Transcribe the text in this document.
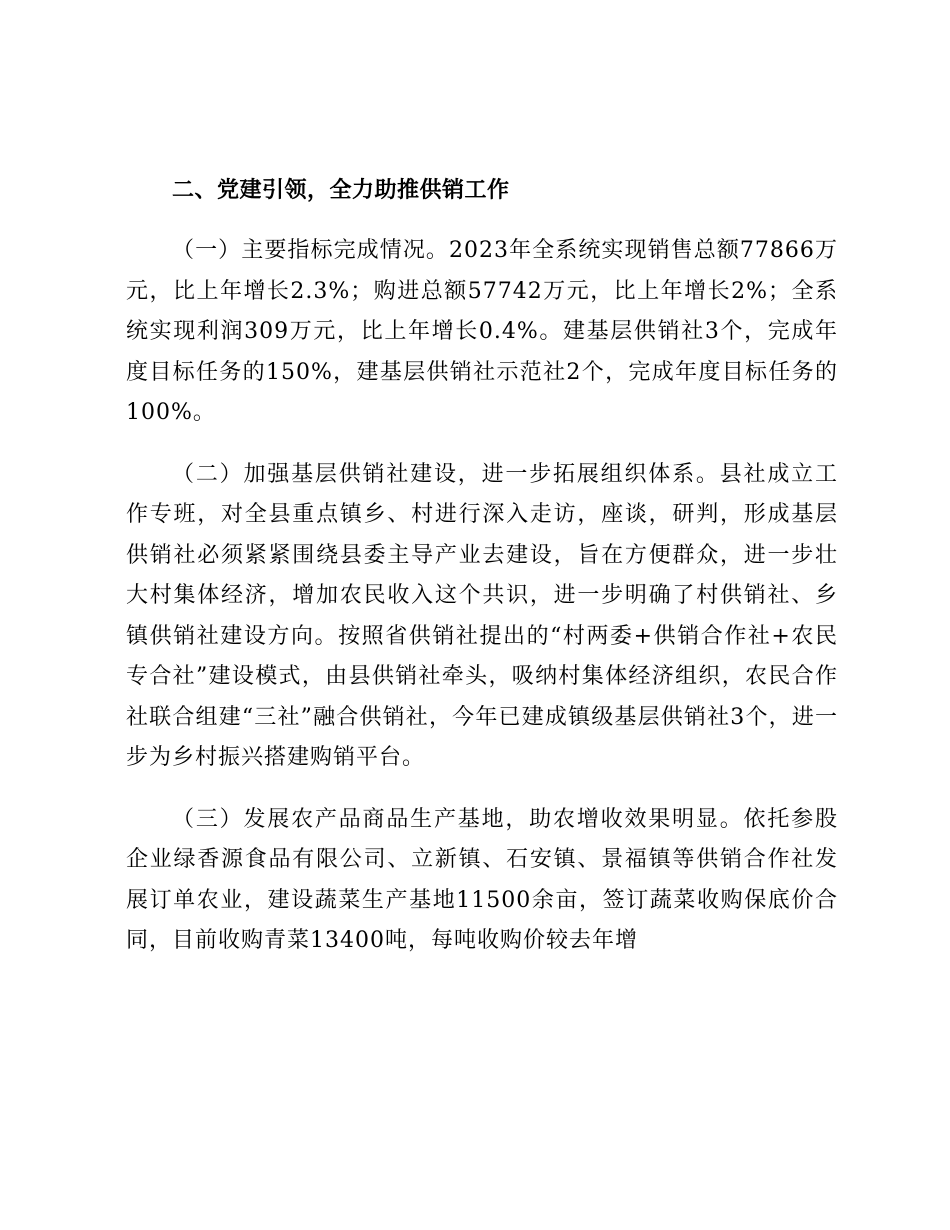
二、党建引领，全力助推供销工作

（一）主要指标完成情况。2023年全系统实现销售总额77866万元，比上年增长2.3%；购进总额57742万元，比上年增长2%；全系统实现利润309万元，比上年增长0.4%。建基层供销社3个，完成年度目标任务的150%，建基层供销社示范社2个，完成年度目标任务的100%。

（二）加强基层供销社建设，进一步拓展组织体系。县社成立工作专班，对全县重点镇乡、村进行深入走访，座谈，研判，形成基层供销社必须紧紧围绕县委主导产业去建设，旨在方便群众，进一步壮大村集体经济，增加农民收入这个共识，进一步明确了村供销社、乡镇供销社建设方向。按照省供销社提出的“村两委+供销合作社+农民专合社”建设模式，由县供销社牵头，吸纳村集体经济组织，农民合作社联合组建“三社”融合供销社，今年已建成镇级基层供销社3个，进一步为乡村振兴搭建购销平台。

（三）发展农产品商品生产基地，助农增收效果明显。依托参股企业绿香源食品有限公司、立新镇、石安镇、景福镇等供销合作社发展订单农业，建设蔬菜生产基地11500余亩，签订蔬菜收购保底价合同，目前收购青菜13400吨，每吨收购价较去年增
